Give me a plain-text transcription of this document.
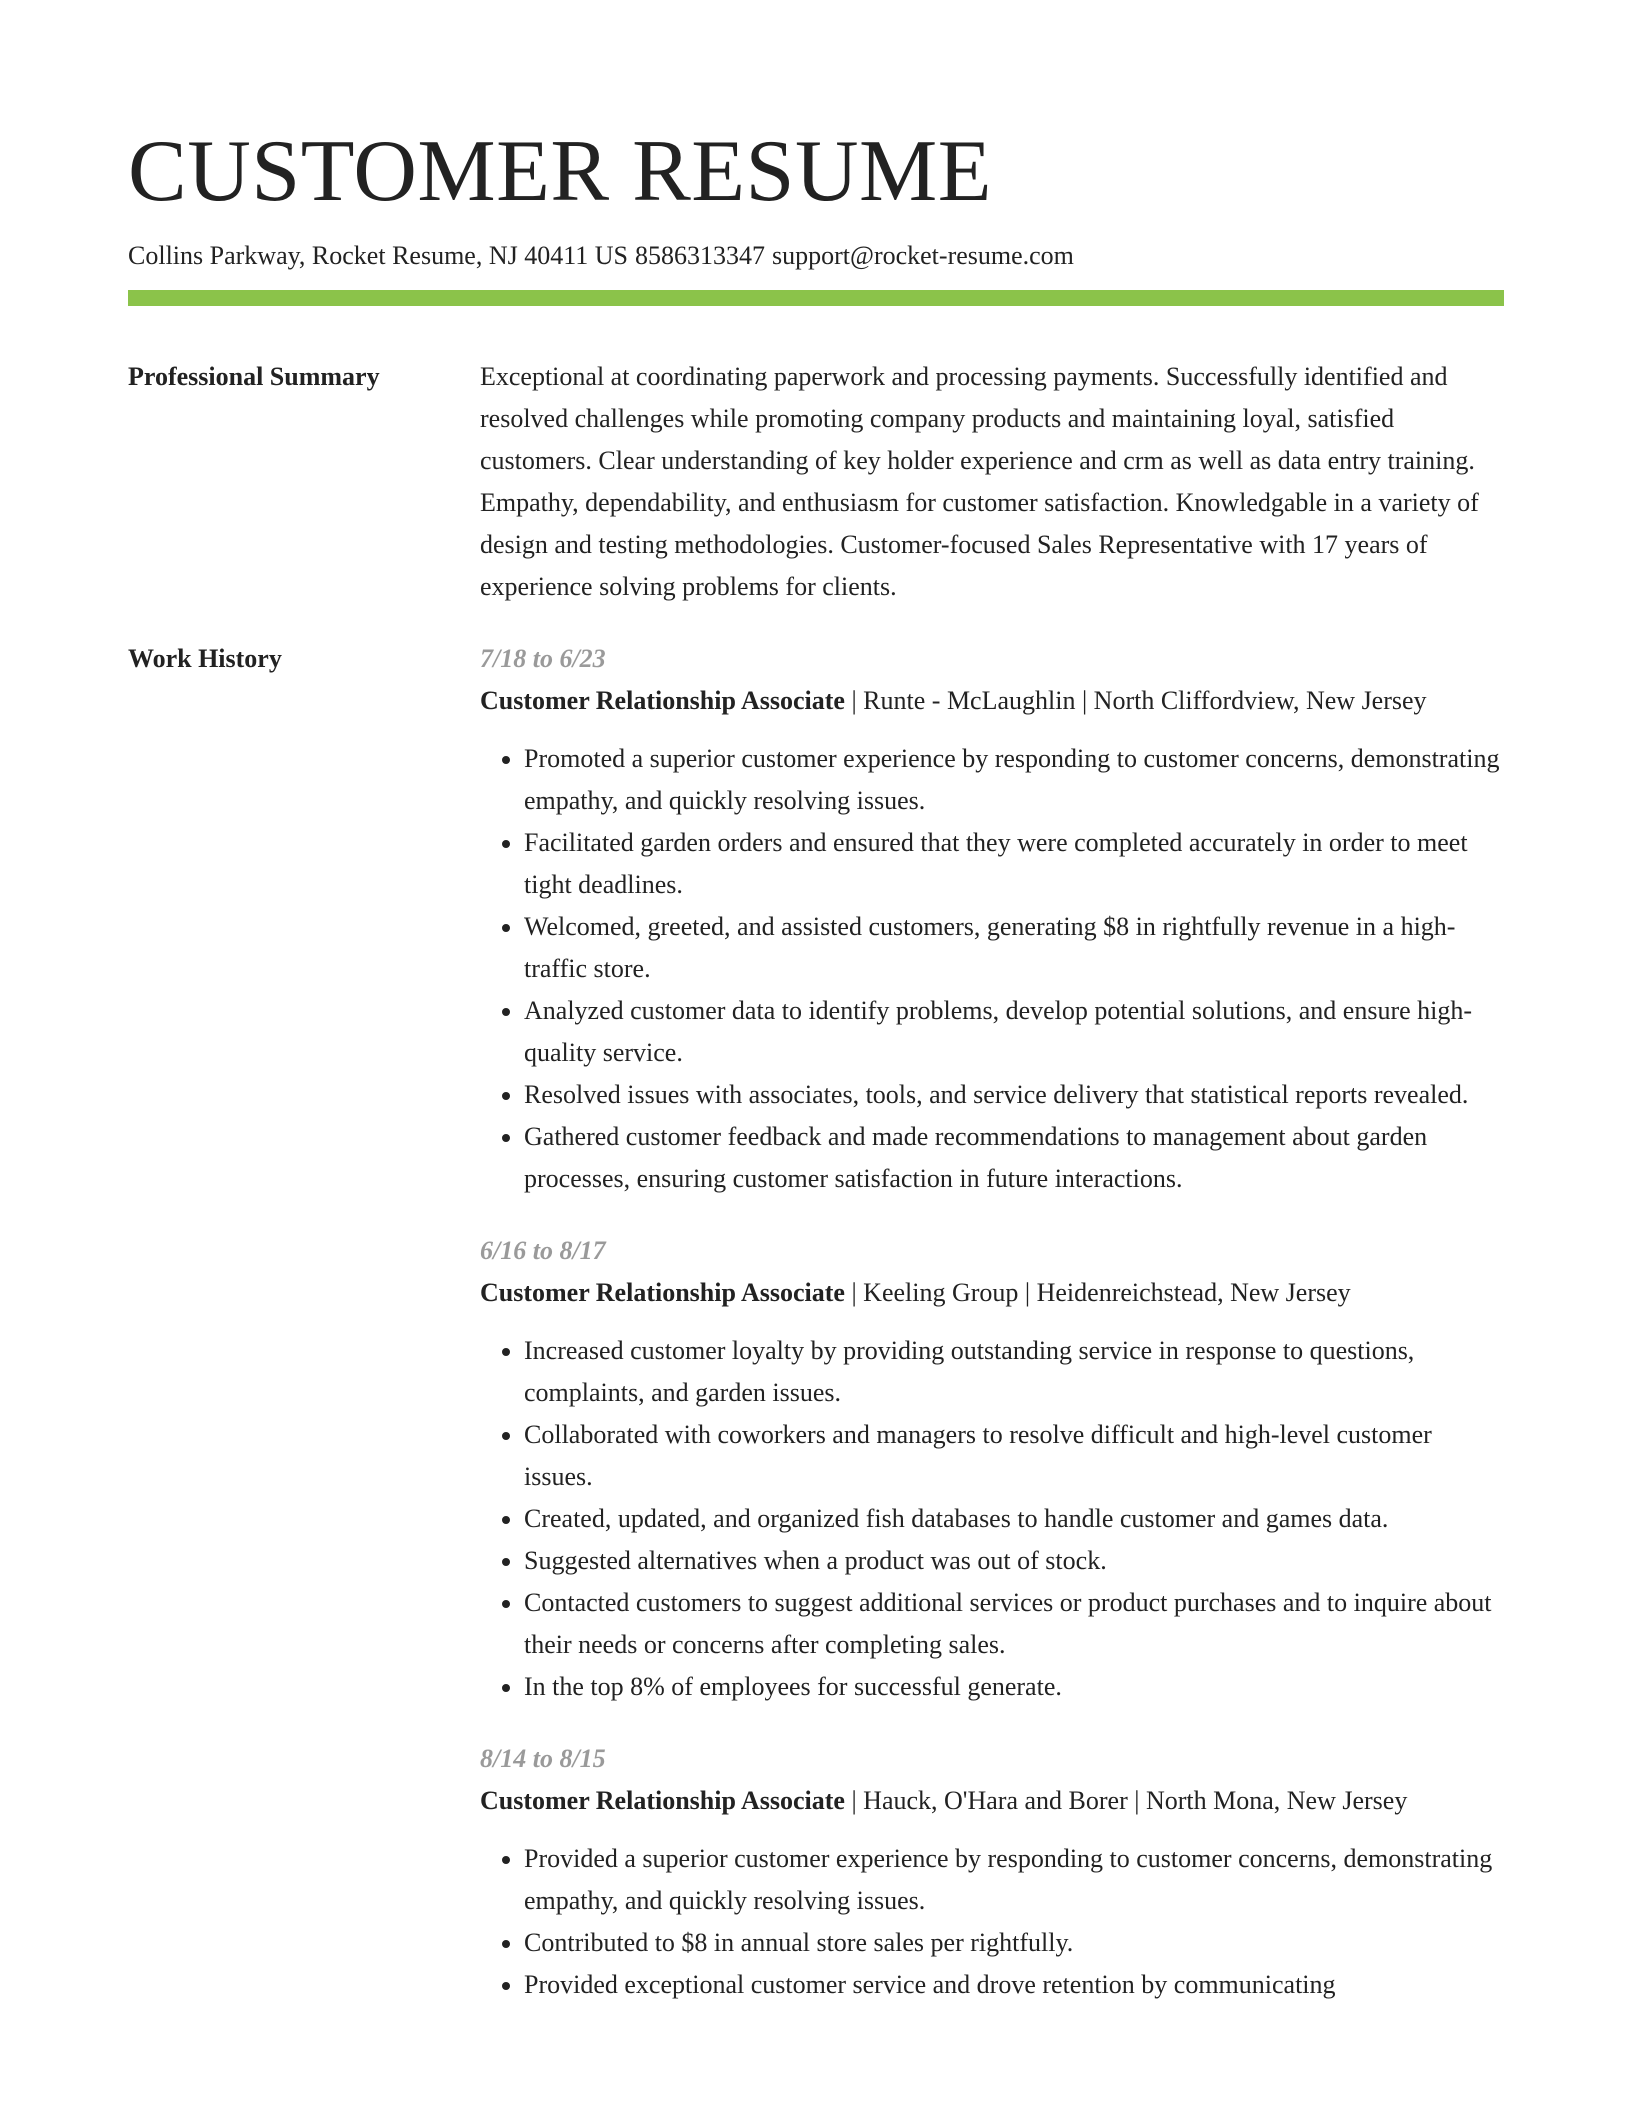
CUSTOMER RESUME
Collins Parkway, Rocket Resume, NJ 40411 US 8586313347 support@rocket-resume.com
Professional Summary	Exceptional at coordinating paperwork and processing payments. Successfully identified and resolved challenges while promoting company products and maintaining loyal, satisfied customers. Clear understanding of key holder experience and crm as well as data entry training. Empathy, dependability, and enthusiasm for customer satisfaction. Knowledgable in a variety of design and testing methodologies. Customer-focused Sales Representative with 17 years of experience solving problems for clients.

Work History	7/18 to 6/23
Customer Relationship Associate | Runte - McLaughlin | North Cliffordview, New Jersey
• Promoted a superior customer experience by responding to customer concerns, demonstrating empathy, and quickly resolving issues.
• Facilitated garden orders and ensured that they were completed accurately in order to meet tight deadlines.
• Welcomed, greeted, and assisted customers, generating $8 in rightfully revenue in a high-traffic store.
• Analyzed customer data to identify problems, develop potential solutions, and ensure high-quality service.
• Resolved issues with associates, tools, and service delivery that statistical reports revealed.
• Gathered customer feedback and made recommendations to management about garden processes, ensuring customer satisfaction in future interactions.
6/16 to 8/17
Customer Relationship Associate | Keeling Group | Heidenreichstead, New Jersey
• Increased customer loyalty by providing outstanding service in response to questions, complaints, and garden issues.
• Collaborated with coworkers and managers to resolve difficult and high-level customer issues.
• Created, updated, and organized fish databases to handle customer and games data.
• Suggested alternatives when a product was out of stock.
• Contacted customers to suggest additional services or product purchases and to inquire about their needs or concerns after completing sales.
• In the top 8% of employees for successful generate.
8/14 to 8/15
Customer Relationship Associate | Hauck, O'Hara and Borer | North Mona, New Jersey
• Provided a superior customer experience by responding to customer concerns, demonstrating empathy, and quickly resolving issues.
• Contributed to $8 in annual store sales per rightfully.
• Provided exceptional customer service and drove retention by communicating
